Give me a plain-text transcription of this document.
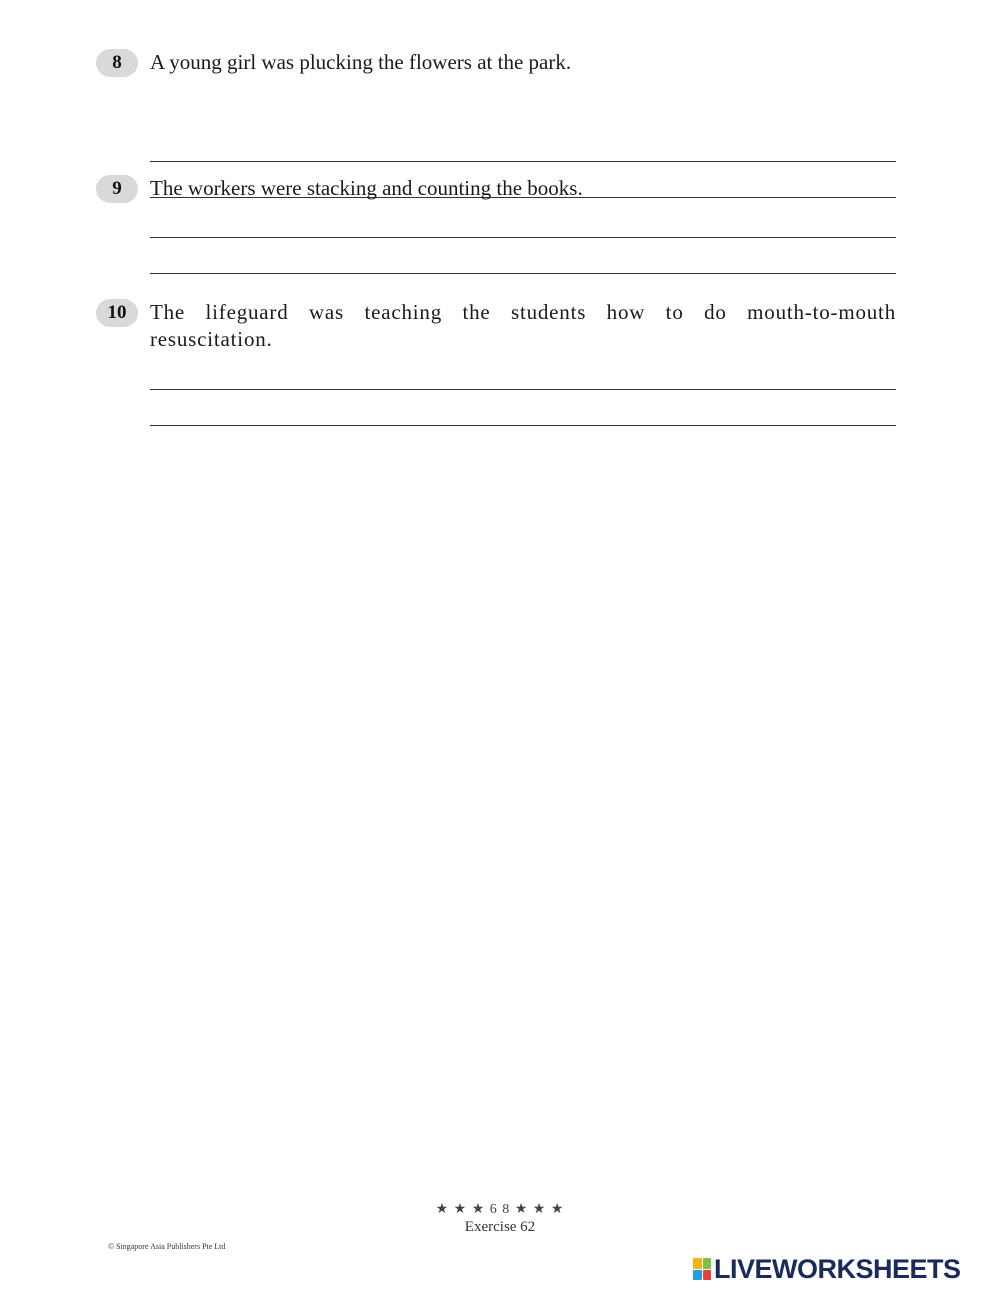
8	A young girl was plucking the flowers at the park.
9	The workers were stacking and counting the books.
10	The lifeguard was teaching the students how to do mouth-to-mouth resuscitation.
★ ★ ★ 6 8 ★ ★ ★
Exercise 62
© Singapore Asia Publishers Pte Ltd
LIVEWORKSHEETS
